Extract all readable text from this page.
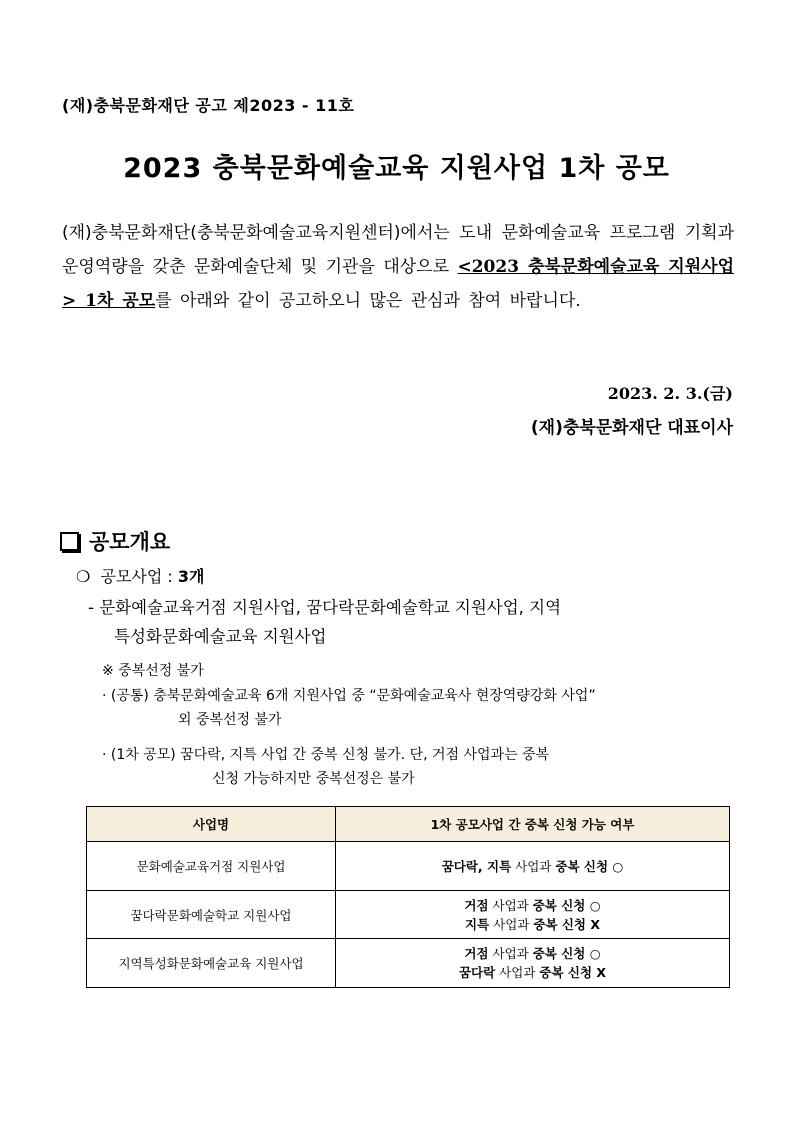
(재)충북문화재단 공고 제2023 - 11호

2023 충북문화예술교육 지원사업 1차 공모

(재)충북문화재단(충북문화예술교육지원센터)에서는 도내 문화예술교육 프로그램 기획과 운영역량을 갖춘 문화예술단체 및 기관을 대상으로 <2023 충북문화예술교육 지원사업> 1차 공모를 아래와 같이 공고하오니 많은 관심과 참여 바랍니다.

2023. 2. 3.(금)

(재)충북문화재단 대표이사

공모개요

❍ 공모사업 : 3개

- 문화예술교육거점 지원사업, 꿈다락문화예술학교 지원사업, 지역
특성화문화예술교육 지원사업

※ 중복선정 불가

· (공통) 충북문화예술교육 6개 지원사업 중 “문화예술교육사 현장역량강화 사업”
외 중복선정 불가

· (1차 공모) 꿈다락, 지특 사업 간 중복 신청 불가. 단, 거점 사업과는 중복
신청 가능하지만 중복선정은 불가

사업명	1차 공모사업 간 중복 신청 가능 여부
문화예술교육거점 지원사업	꿈다락, 지특 사업과 중복 신청 ○

꿈다락문화예술학교 지원사업	거점 사업과 중복 신청 ○
지특 사업과 중복 신청 X

지역특성화문화예술교육 지원사업	거점 사업과 중복 신청 ○
꿈다락 사업과 중복 신청 X
